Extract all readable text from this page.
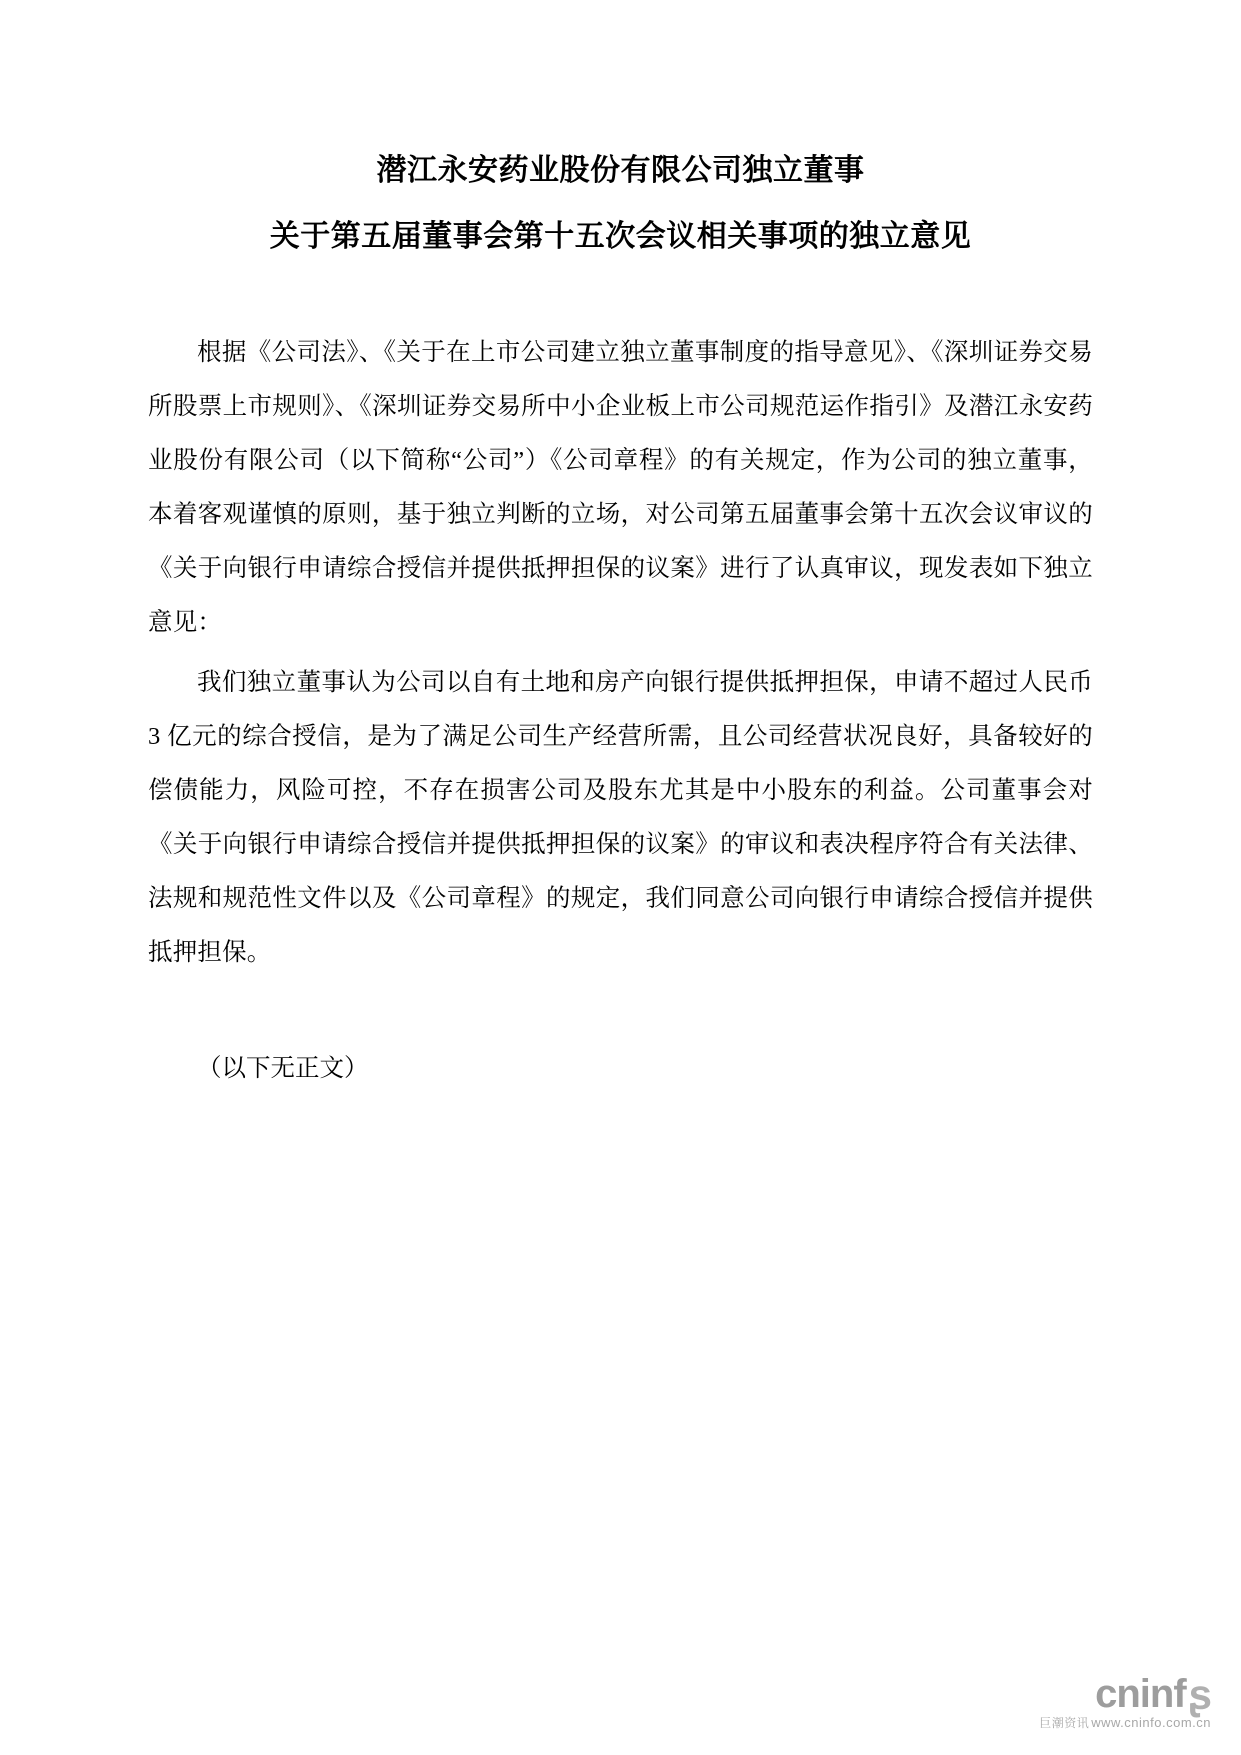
潜江永安药业股份有限公司独立董事
关于第五届董事会第十五次会议相关事项的独立意见

根据《公司法》、《关于在上市公司建立独立董事制度的指导意见》、《深圳证券交易所股票上市规则》、《深圳证券交易所中小企业板上市公司规范运作指引》及潜江永安药业股份有限公司（以下简称“公司”）《公司章程》的有关规定，作为公司的独立董事，本着客观谨慎的原则，基于独立判断的立场，对公司第五届董事会第十五次会议审议的《关于向银行申请综合授信并提供抵押担保的议案》进行了认真审议，现发表如下独立意见：

我们独立董事认为公司以自有土地和房产向银行提供抵押担保，申请不超过人民币 3 亿元的综合授信，是为了满足公司生产经营所需，且公司经营状况良好，具备较好的偿债能力，风险可控，不存在损害公司及股东尤其是中小股东的利益。公司董事会对《关于向银行申请综合授信并提供抵押担保的议案》的审议和表决程序符合有关法律、法规和规范性文件以及《公司章程》的规定，我们同意公司向银行申请综合授信并提供抵押担保。

（以下无正文）

cninf ʂ
巨潮资讯 www.cninfo.com.cn
